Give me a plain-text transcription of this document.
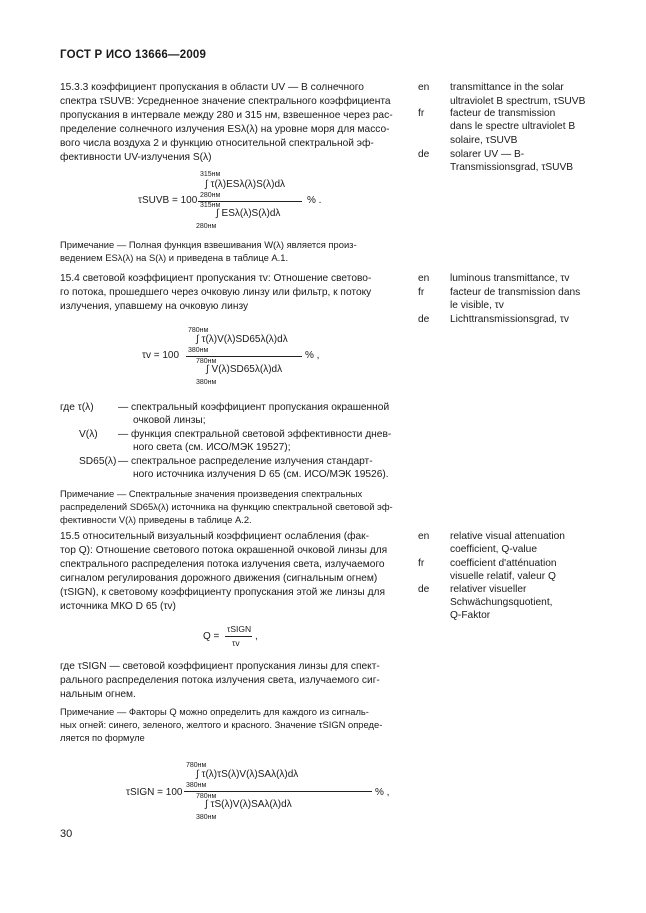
ГОСТ Р ИСО 13666—2009
15.3.3 коэффициент пропускания в области UV — В солнечного
спектра τSUVB: Усредненное значение спектрального коэффициента
пропускания в интервале между 280 и 315 нм, взвешенное через рас-
пределение солнечного излучения ESλ(λ) на уровне моря для массо-
вого числа воздуха 2 и функцию относительной спектральной эф-
фективности UV-излучения S(λ)
en transmittance in the solar
ultraviolet B spectrum, τSUVB
fr	facteur de transmission
dans le spectre ultraviolet B
solaire, τSUVB
de solarer UV — B-
Transmissionsgrad, τSUVB
τSUVB = 100
315нм
∫ τ(λ)ESλ(λ)S(λ)dλ
280нм
315нм
∫ ESλ(λ)S(λ)dλ
280нм
% .
Примечание — Полная функция взвешивания W(λ) является произ-
ведением ESλ(λ) на S(λ) и приведена в таблице А.1.
15.4 световой коэффициент пропускания τv: Отношение светово-
го потока, прошедшего через очковую линзу или фильтр, к потоку
излучения, упавшему на очковую линзу
en luminous transmittance, τv
fr	facteur de transmission dans
le visible, τv
de Lichttransmissionsgrad, τv
τv = 100
780нм
∫ τ(λ)V(λ)SD65λ(λ)dλ
380нм
780нм
∫ V(λ)SD65λ(λ)dλ
380нм
% ,
где τ(λ) — спектральный коэффициент пропускания окрашенной
очковой линзы;
V(λ) — функция спектральной световой эффективности днев-
ного света (см. ИСО/МЭК 19527);
SD65(λ) — спектральное распределение излучения стандарт-
ного источника излучения D 65 (см. ИСО/МЭК 19526).
Примечание — Спектральные значения произведения спектральных
распределений SD65λ(λ) источника на функцию спектральной световой эф-
фективности V(λ) приведены в таблице А.2.
15.5 относительный визуальный коэффициент ослабления (фак-
тор Q): Отношение светового потока окрашенной очковой линзы для
спектрального распределения потока излучения света, излучаемого
сигналом регулирования дорожного движения (сигнальным огнем)
(τSIGN), к световому коэффициенту пропускания этой же линзы для
источника МКО D 65 (τv)
en relative visual attenuation
coefficient, Q-value
fr	coefficient d'atténuation
visuelle relatif, valeur Q
de relativer visueller
Schwächungsquotient,
Q-Faktor
Q =
τSIGN
τv
,
где τSIGN — световой коэффициент пропускания линзы для спект-
рального распределения потока излучения света, излучаемого сиг-
нальным огнем.
Примечание — Факторы Q можно определить для каждого из сигналь-
ных огней: синего, зеленого, желтого и красного. Значение τSIGN опреде-
ляется по формуле
τSIGN = 100
780нм
∫ τ(λ)τS(λ)V(λ)SAλ(λ)dλ
380нм
780нм
∫ τS(λ)V(λ)SAλ(λ)dλ
380нм
% ,
30
